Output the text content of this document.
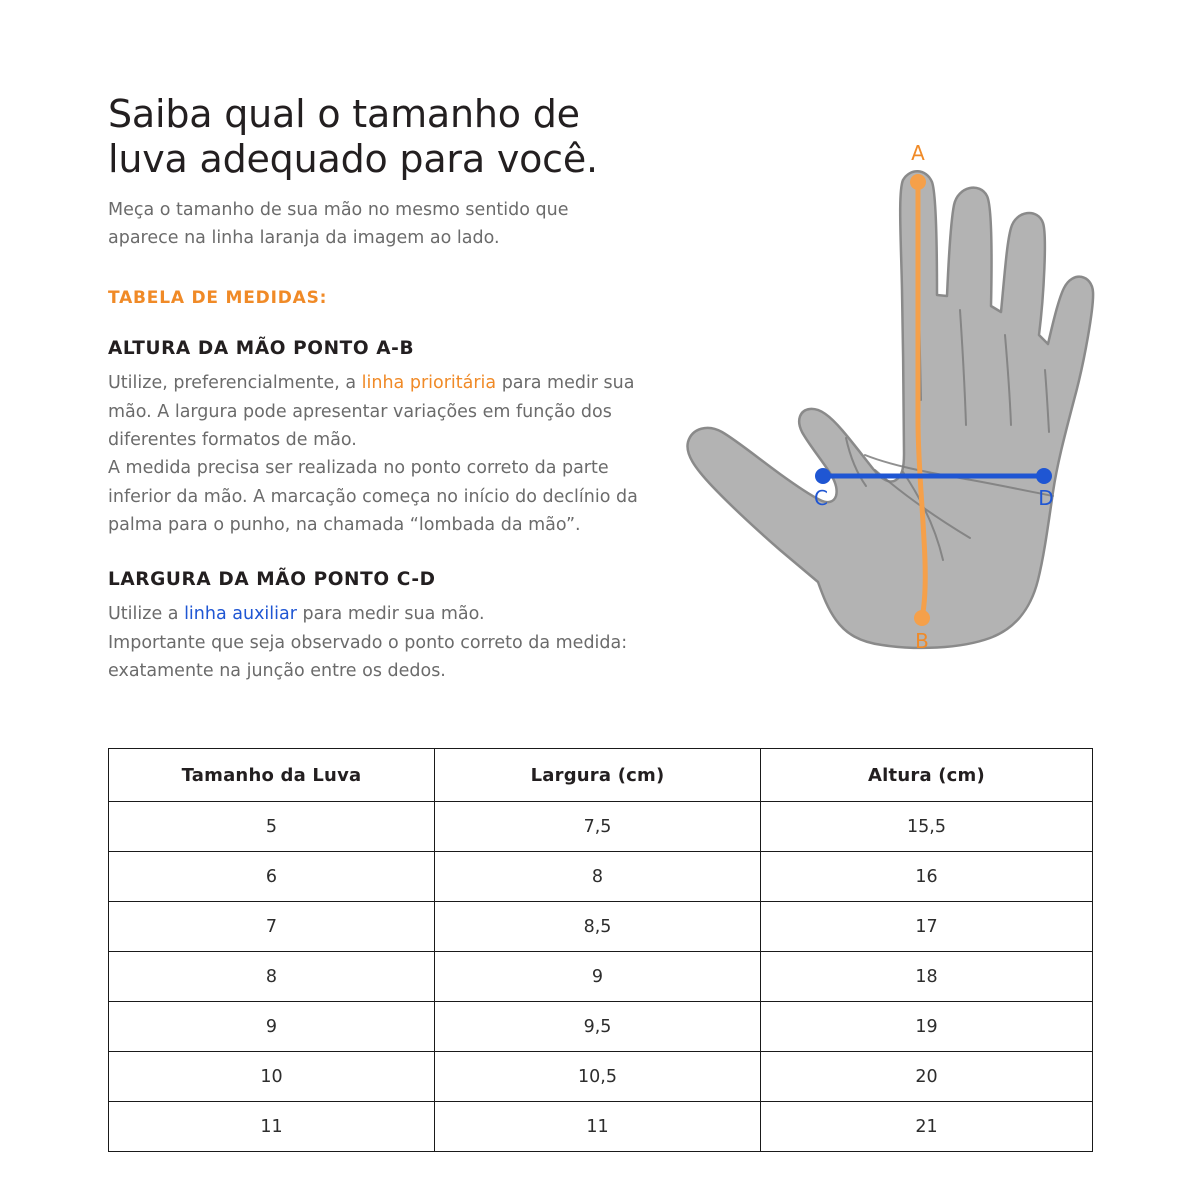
Saiba qual o tamanho de luva adequado para você.

Meça o tamanho de sua mão no mesmo sentido que aparece na linha laranja da imagem ao lado.

TABELA DE MEDIDAS:
ALTURA DA MÃO PONTO A-B

Utilize, preferencialmente, a linha prioritária para medir sua mão. A largura pode apresentar variações em função dos diferentes formatos de mão.

A medida precisa ser realizada no ponto correto da parte inferior da mão. A marcação começa no início do declínio da palma para o punho, na chamada “lombada da mão”.

LARGURA DA MÃO PONTO C-D

Utilize a linha auxiliar para medir sua mão.

Importante que seja observado o ponto correto da medida: exatamente na junção entre os dedos.

A
B
C	D
Tamanho da Luva	Largura (cm)	Altura (cm)
5	7,5	15,5
6	8	16
7	8,5	17
8	9	18
9	9,5	19
10	10,5	20
11	11	21
